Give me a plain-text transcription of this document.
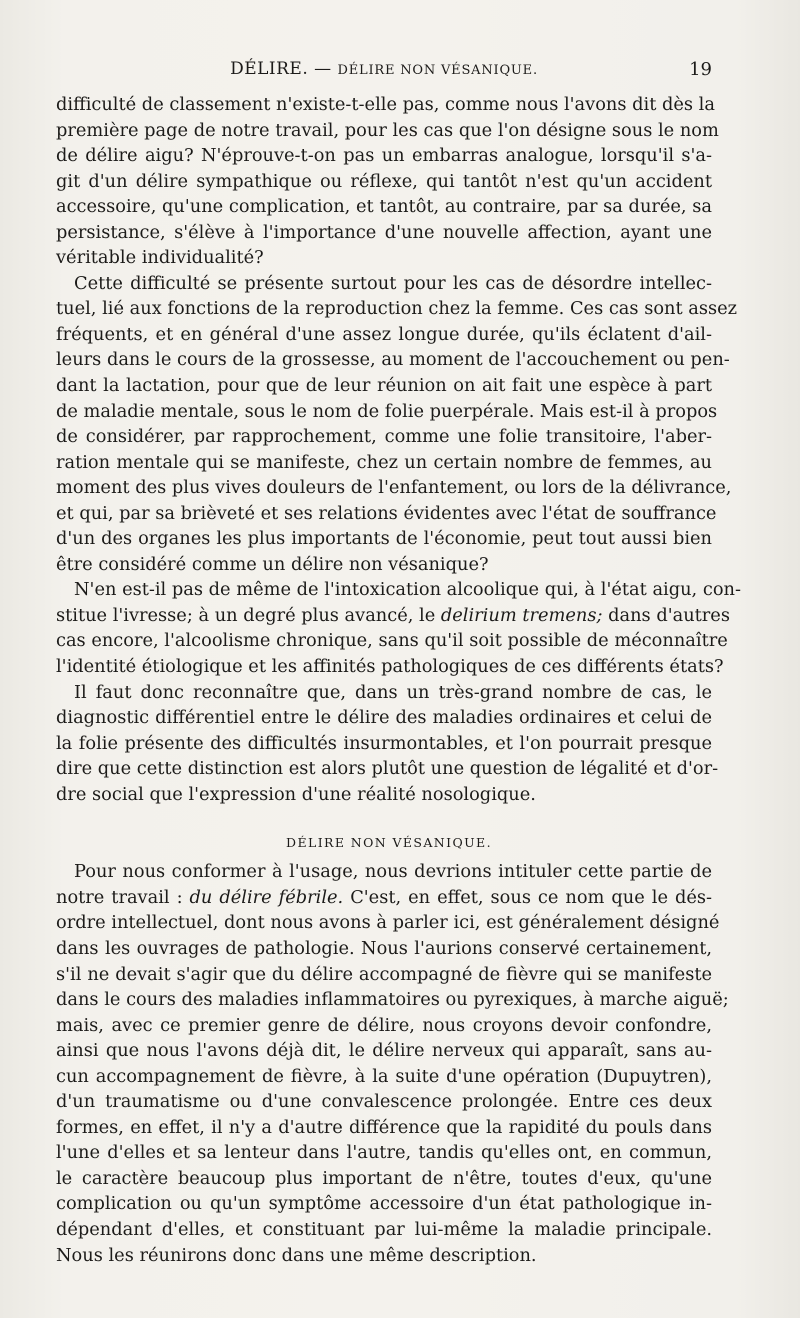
DÉLIRE. — DÉLIRE NON VÉSANIQUE.	19
difficulté de classement n'existe-t-elle pas, comme nous l'avons dit dès la
première page de notre travail, pour les cas que l'on désigne sous le nom
de délire aigu? N'éprouve-t-on pas un embarras analogue, lorsqu'il s'a-
git d'un délire sympathique ou réflexe, qui tantôt n'est qu'un accident
accessoire, qu'une complication, et tantôt, au contraire, par sa durée, sa
persistance, s'élève à l'importance d'une nouvelle affection, ayant une
véritable individualité?
Cette difficulté se présente surtout pour les cas de désordre intellec-
tuel, lié aux fonctions de la reproduction chez la femme. Ces cas sont assez
fréquents, et en général d'une assez longue durée, qu'ils éclatent d'ail-
leurs dans le cours de la grossesse, au moment de l'accouchement ou pen-
dant la lactation, pour que de leur réunion on ait fait une espèce à part
de maladie mentale, sous le nom de folie puerpérale. Mais est-il à propos
de considérer, par rapprochement, comme une folie transitoire, l'aber-
ration mentale qui se manifeste, chez un certain nombre de femmes, au
moment des plus vives douleurs de l'enfantement, ou lors de la délivrance,
et qui, par sa brièveté et ses relations évidentes avec l'état de souffrance
d'un des organes les plus importants de l'économie, peut tout aussi bien
être considéré comme un délire non vésanique?
N'en est-il pas de même de l'intoxication alcoolique qui, à l'état aigu, con-
stitue l'ivresse; à un degré plus avancé, le delirium tremens; dans d'autres
cas encore, l'alcoolisme chronique, sans qu'il soit possible de méconnaître
l'identité étiologique et les affinités pathologiques de ces différents états?
Il faut donc reconnaître que, dans un très-grand nombre de cas, le
diagnostic différentiel entre le délire des maladies ordinaires et celui de
la folie présente des difficultés insurmontables, et l'on pourrait presque
dire que cette distinction est alors plutôt une question de légalité et d'or-
dre social que l'expression d'une réalité nosologique.
DÉLIRE NON VÉSANIQUE.
Pour nous conformer à l'usage, nous devrions intituler cette partie de
notre travail : du délire fébrile. C'est, en effet, sous ce nom que le dés-
ordre intellectuel, dont nous avons à parler ici, est généralement désigné
dans les ouvrages de pathologie. Nous l'aurions conservé certainement,
s'il ne devait s'agir que du délire accompagné de fièvre qui se manifeste
dans le cours des maladies inflammatoires ou pyrexiques, à marche aiguë;
mais, avec ce premier genre de délire, nous croyons devoir confondre,
ainsi que nous l'avons déjà dit, le délire nerveux qui apparaît, sans au-
cun accompagnement de fièvre, à la suite d'une opération (Dupuytren),
d'un traumatisme ou d'une convalescence prolongée. Entre ces deux
formes, en effet, il n'y a d'autre différence que la rapidité du pouls dans
l'une d'elles et sa lenteur dans l'autre, tandis qu'elles ont, en commun,
le caractère beaucoup plus important de n'être, toutes d'eux, qu'une
complication ou qu'un symptôme accessoire d'un état pathologique in-
dépendant d'elles, et constituant par lui-même la maladie principale.
Nous les réunirons donc dans une même description.
